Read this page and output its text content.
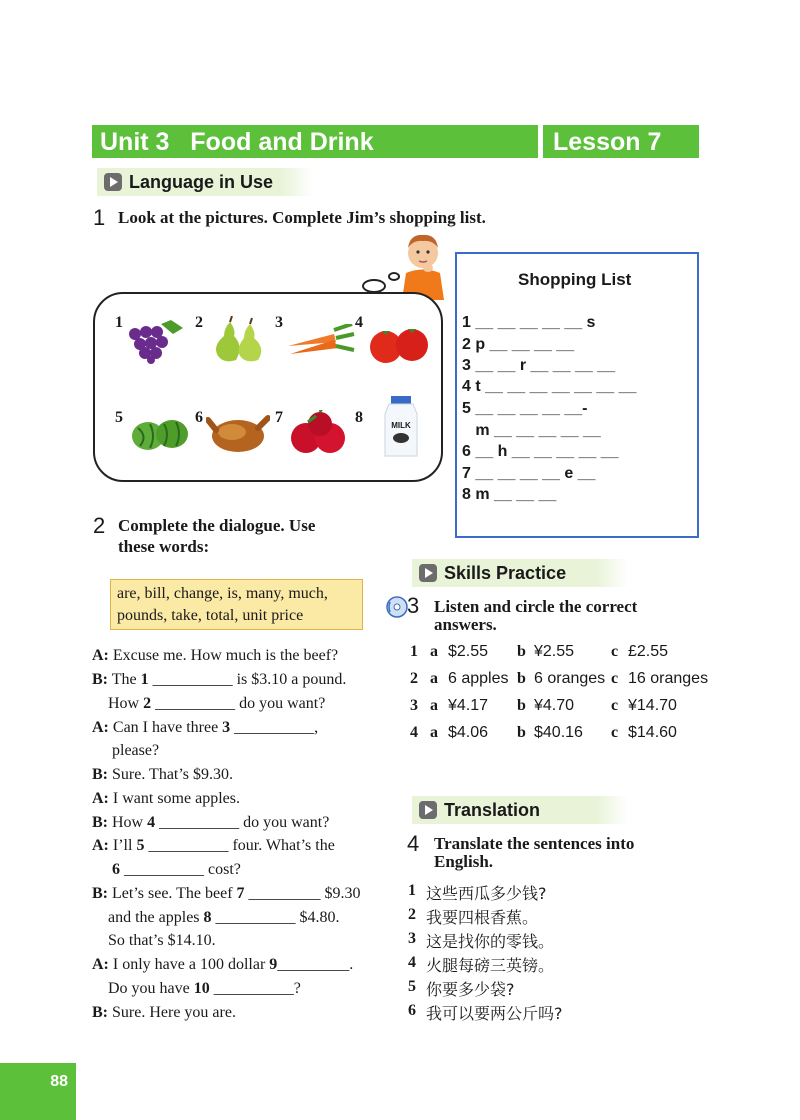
Unit 3   Food and Drink	Lesson 7
Language in Use
1 Look at the pictures. Complete Jim’s shopping list.
1	2	3	4
5	6	7	8	MILK
Shopping List
1 __ __ __ __ __ s
2 p __ __ __ __
3 __ __ r __ __ __ __
4 t __ __ __ __ __ __ __
5 __ __ __ __ __-
m __ __ __ __ __
6 __ h __ __ __ __ __
7 __ __ __ __ e __
8 m __ __ __
2 Complete the dialogue. Use
these words:
are, bill, change, is, many, much,
pounds, take, total, unit price
A: Excuse me. How much is the beef?
B: The 1 __________ is $3.10 a pound.
How 2 __________ do you want?
A: Can I have three 3 __________,
please?
B: Sure. That’s $9.30.
A: I want some apples.
B: How 4 __________ do you want?
A: I’ll 5 __________ four. What’s the
6 __________ cost?
B: Let’s see. The beef 7 _________ $9.30
and the apples 8 __________ $4.80.
So that’s $14.10.
A: I only have a 100 dollar 9_________.
Do you have 10 __________?
B: Sure. Here you are.
Skills Practice
3 Listen and circle the correct
answers.
1 a $2.55 b ¥2.55 c £2.55
2 a 6 apples b 6 oranges c 16 oranges
3 a ¥4.17 b ¥4.70 c ¥14.70
4 a $4.06 b $40.16 c $14.60
Translation
4 Translate the sentences into
English.
1 这些西瓜多少钱?
2 我要四根香蕉。
3 这是找你的零钱。
4 火腿每磅三英镑。
5 你要多少袋?
6 我可以要两公斤吗?
88
